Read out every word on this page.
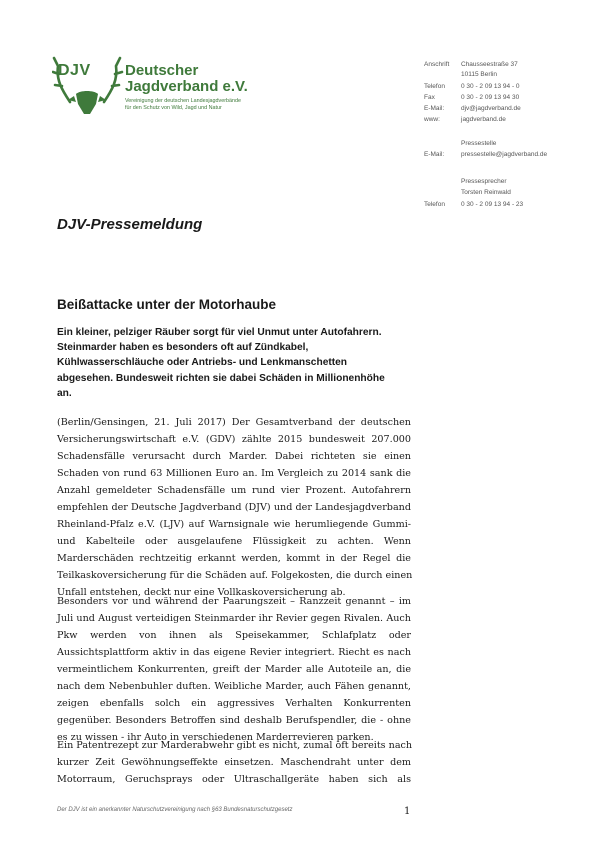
DJV Deutscher
Jagdverband e.V.
Vereinigung der deutschen Landesjagdverbände
für den Schutz von Wild, Jagd und Natur
Anschrift	Chausseestraße 37
10115 Berlin
Telefon	0 30 - 2 09 13 94 - 0
Fax	0 30 - 2 09 13 94 30
E-Mail:	djv@jagdverband.de
www:	jagdverband.de
Pressestelle
E-Mail:	pressestelle@jagdverband.de
Pressesprecher
Torsten Reinwald
Telefon	0 30 - 2 09 13 94 - 23
DJV-Pressemeldung
Beißattacke unter der Motorhaube
Ein kleiner, pelziger Räuber sorgt für viel Unmut unter Autofahrern.
Steinmarder haben es besonders oft auf Zündkabel,
Kühlwasserschläuche oder Antriebs- und Lenkmanschetten
abgesehen. Bundesweit richten sie dabei Schäden in Millionenhöhe
an.
(Berlin/Gensingen, 21. Juli 2017) Der Gesamtverband der deutschen
Versicherungswirtschaft e.V. (GDV) zählte 2015 bundesweit 207.000
Schadensfälle verursacht durch Marder. Dabei richteten sie einen
Schaden von rund 63 Millionen Euro an. Im Vergleich zu 2014 sank die
Anzahl gemeldeter Schadensfälle um rund vier Prozent. Autofahrern
empfehlen der Deutsche Jagdverband (DJV) und der Landesjagdverband
Rheinland-Pfalz e.V. (LJV) auf Warnsignale wie herumliegende Gummi-
und Kabelteile oder ausgelaufene Flüssigkeit zu achten. Wenn
Marderschäden rechtzeitig erkannt werden, kommt in der Regel die
Teilkaskoversicherung für die Schäden auf. Folgekosten, die durch einen
Unfall entstehen, deckt nur eine Vollkaskoversicherung ab.
Besonders vor und während der Paarungszeit – Ranzzeit genannt – im
Juli und August verteidigen Steinmarder ihr Revier gegen Rivalen. Auch
Pkw werden von ihnen als Speisekammer, Schlafplatz oder
Aussichtsplattform aktiv in das eigene Revier integriert. Riecht es nach
vermeintlichem Konkurrenten, greift der Marder alle Autoteile an, die
nach dem Nebenbuhler duften. Weibliche Marder, auch Fähen genannt,
zeigen ebenfalls solch ein aggressives Verhalten Konkurrenten
gegenüber. Besonders Betroffen sind deshalb Berufspendler, die - ohne
es zu wissen - ihr Auto in verschiedenen Marderrevieren parken.
Ein Patentrezept zur Marderabwehr gibt es nicht, zumal oft bereits nach
kurzer Zeit Gewöhnungseffekte einsetzen. Maschendraht unter dem
Motorraum, Geruchsprays oder Ultraschallgeräte haben sich als
Der DJV ist ein anerkannter Naturschutzvereinigung nach §63 Bundesnaturschutzgesetz	1
